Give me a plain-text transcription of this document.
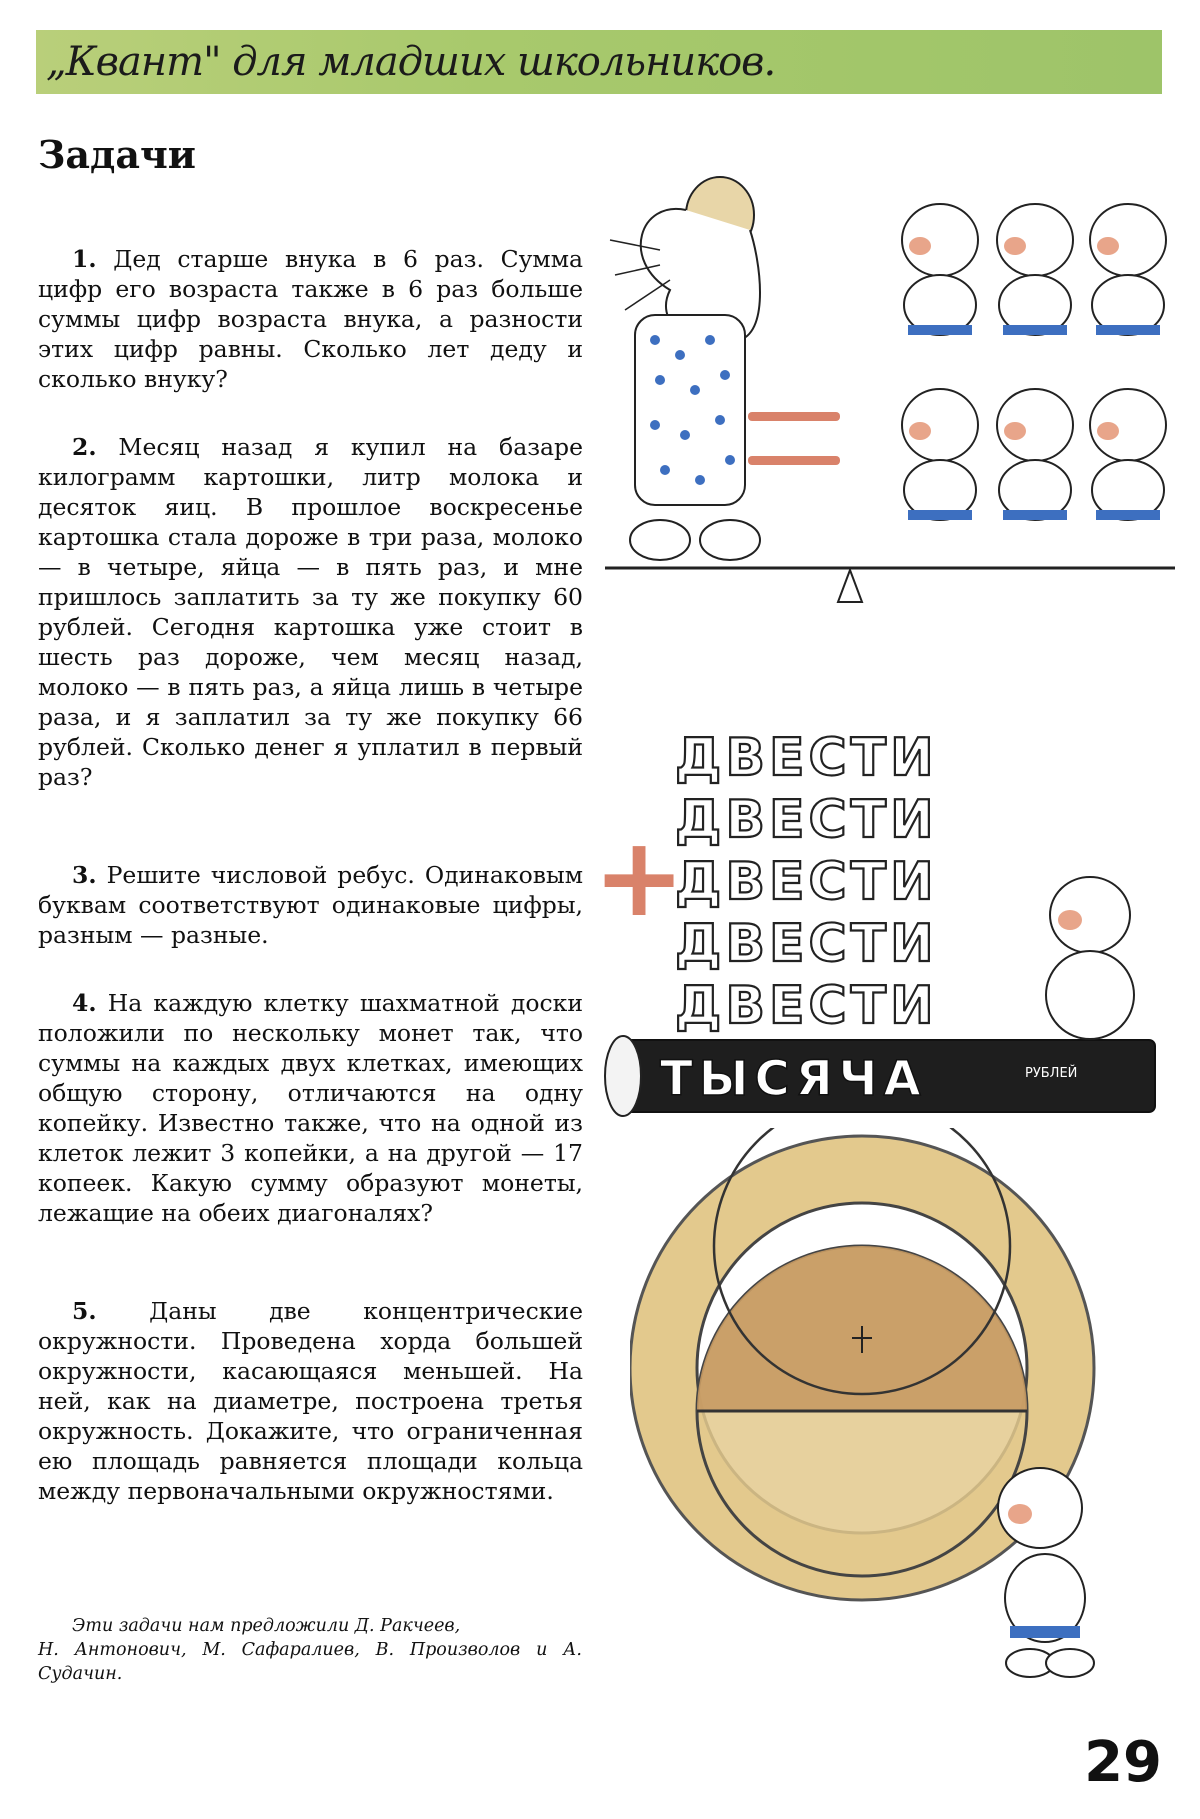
„Квант" для младших школьников.
Задачи

1. Дед старше внука в 6 раз. Сумма цифр его возраста также в 6 раз больше суммы цифр возраста внука, а разности этих цифр равны. Сколько лет деду и сколько внуку?

2. Месяц назад я купил на базаре килограмм картошки, литр молока и десяток яиц. В прошлое воскресенье картошка стала дороже в три раза, молоко — в четыре, яйца — в пять раз, и мне пришлось заплатить за ту же покупку 60 рублей. Сегодня картошка уже стоит в шесть раз дороже, чем месяц назад, молоко — в пять раз, а яйца лишь в четыре раза, и я заплатил за ту же покупку 66 рублей. Сколько денег я уплатил в первый раз?

3. Решите числовой ребус. Одинаковым буквам соответствуют одинаковые цифры, разным — разные.

4. На каждую клетку шахматной доски положили по нескольку монет так, что суммы на каждых двух клетках, имеющих общую сторону, отличаются на одну копейку. Известно также, что на одной из клеток лежит 3 копейки, а на другой — 17 копеек. Какую сумму образуют монеты, лежащие на обеих диагоналях?

5. Даны две концентрические окружности. Проведена хорда большей окружности, касающаяся меньшей. На ней, как на диаметре, построена третья окружность. Докажите, что ограниченная ею площадь равняется площади кольца между первоначальными окружностями.

Эти задачи нам предложили Д. Ракчеев,
Н. Антонович, М. Сафаралиев, В. Произволов и А. Судачин.
ДВЕСТИ
ДВЕСТИ
ДВЕСТИ
ДВЕСТИ
ДВЕСТИ
+
ТЫСЯЧА	РУБЛЕЙ
29
